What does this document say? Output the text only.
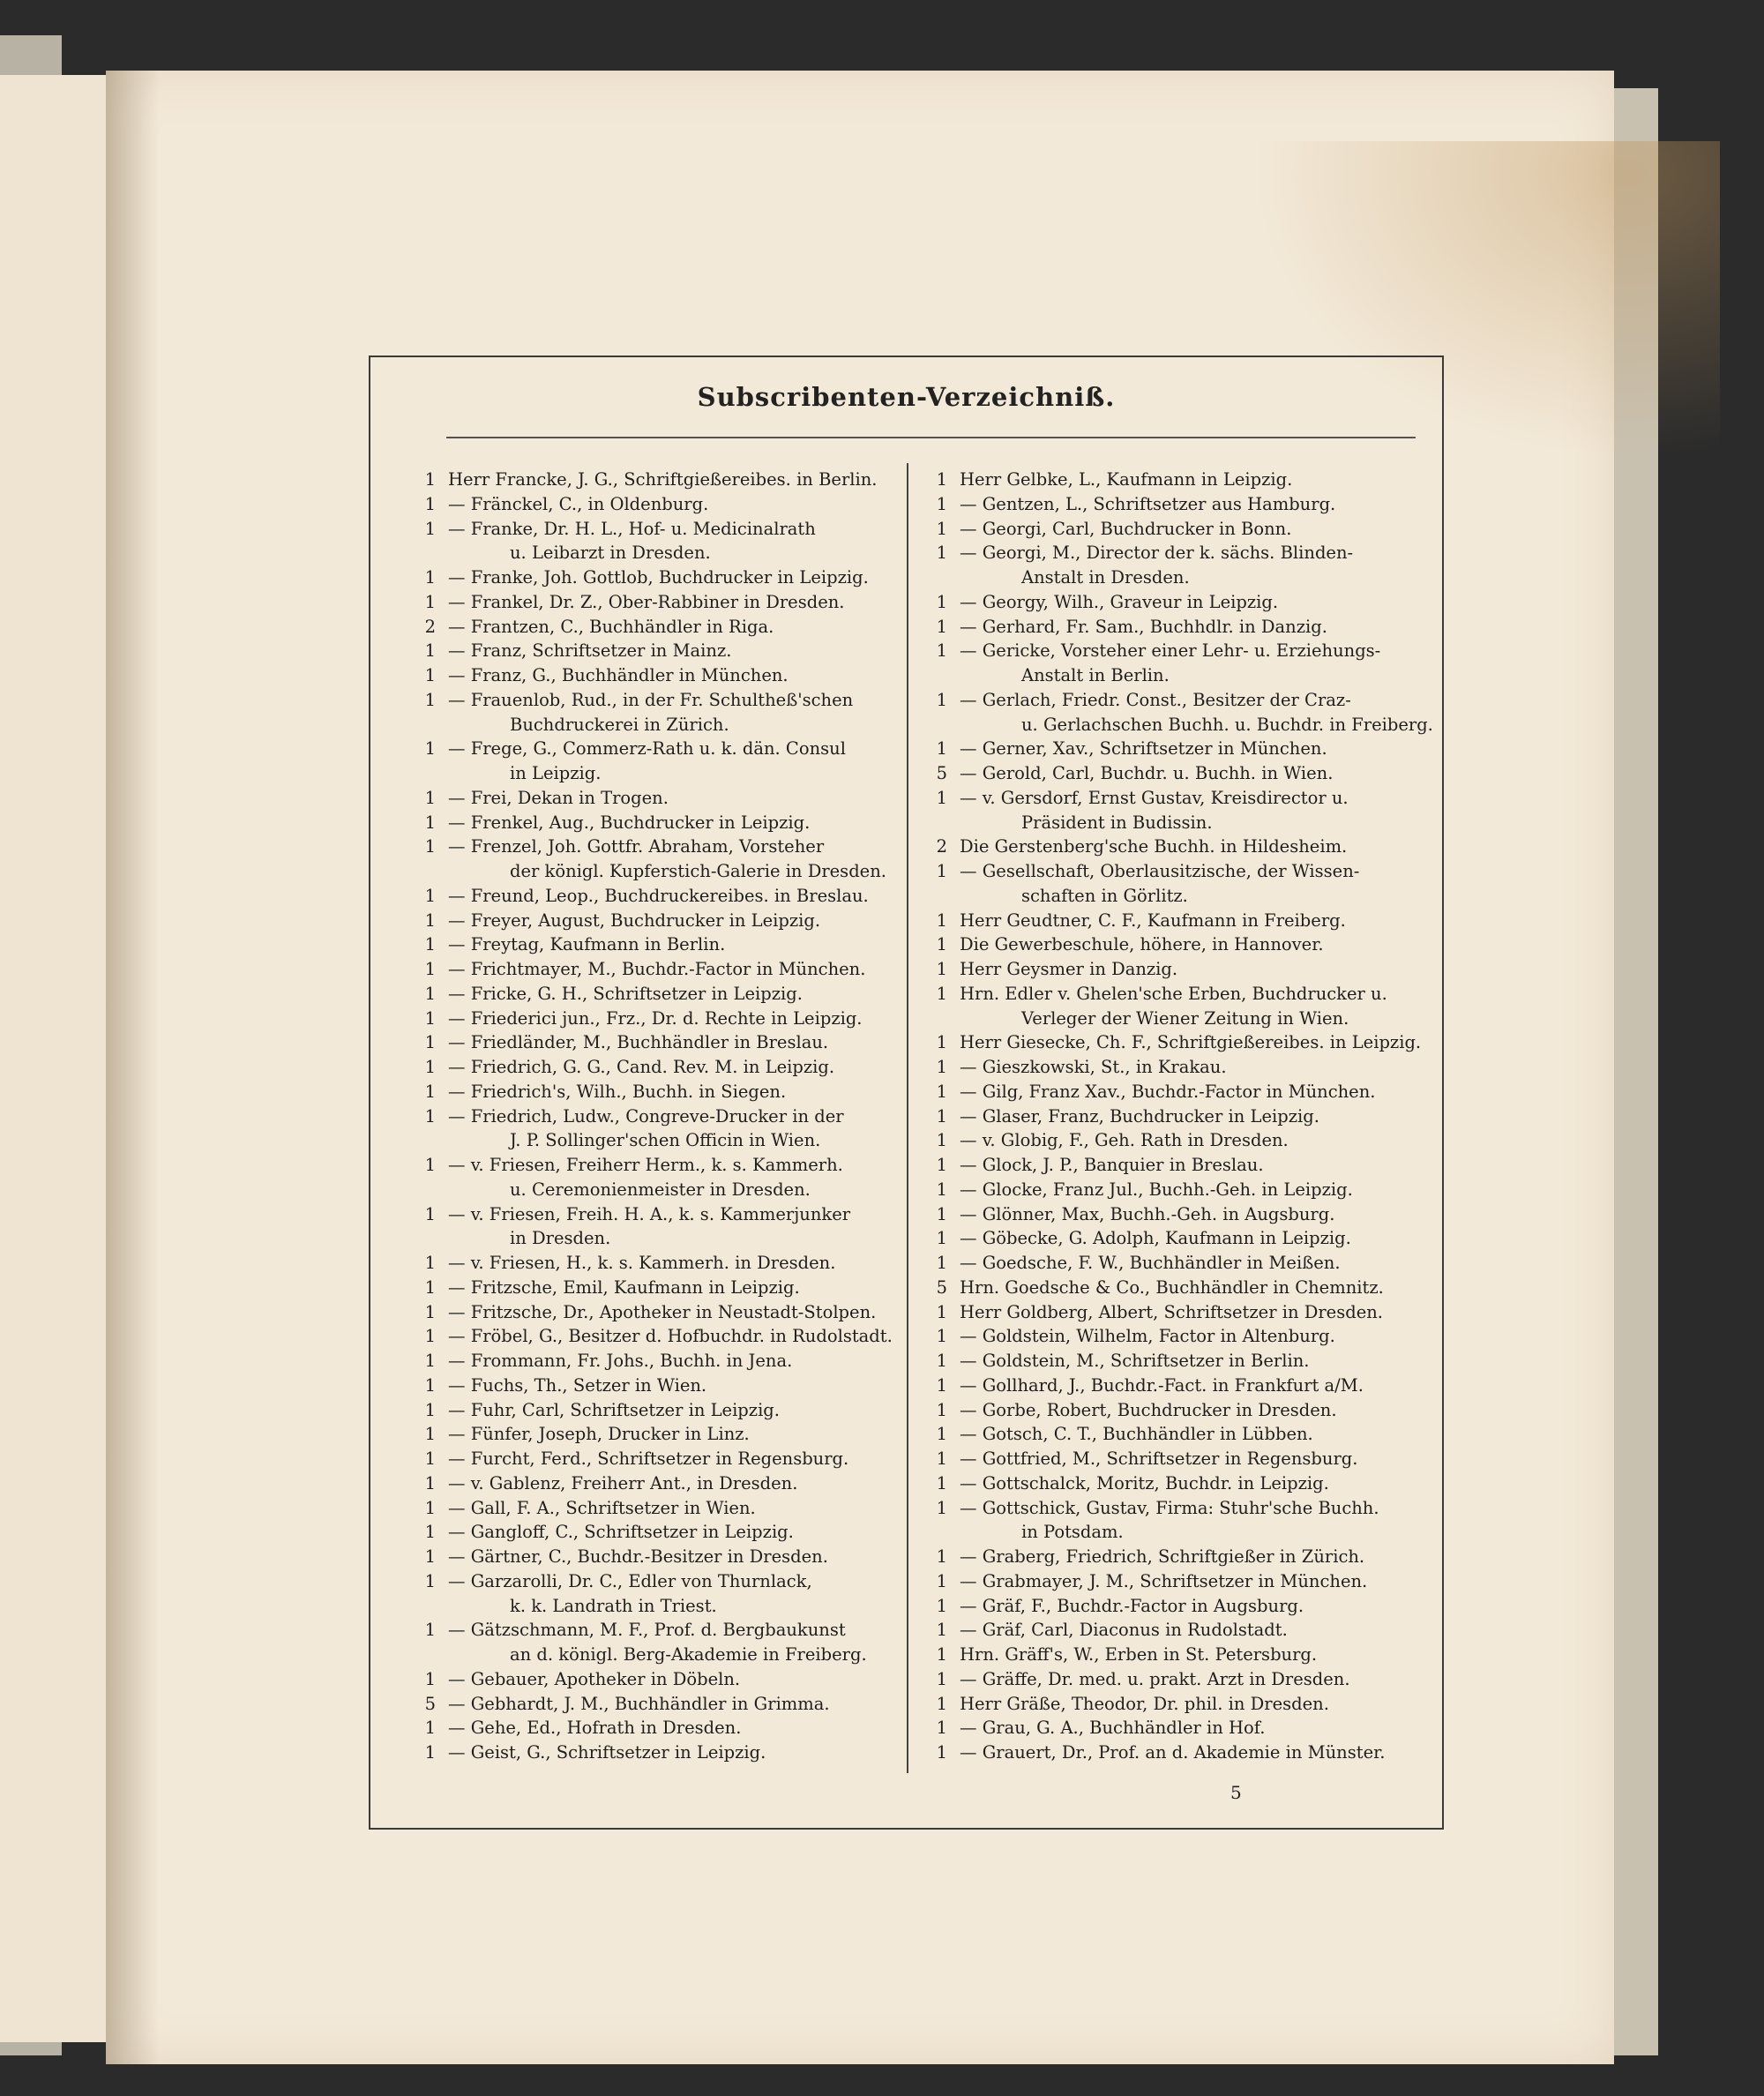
Subscribenten-Verzeichniß.
1 Herr Francke, J. G., Schriftgießereibes. in Berlin.
1 — Fränckel, C., in Oldenburg.
1 — Franke, Dr. H. L., Hof- u. Medicinalrath
u. Leibarzt in Dresden.
1 — Franke, Joh. Gottlob, Buchdrucker in Leipzig.
1 — Frankel, Dr. Z., Ober-Rabbiner in Dresden.
2 — Frantzen, C., Buchhändler in Riga.
1 — Franz, Schriftsetzer in Mainz.
1 — Franz, G., Buchhändler in München.
1 — Frauenlob, Rud., in der Fr. Schultheß'schen
Buchdruckerei in Zürich.
1 — Frege, G., Commerz-Rath u. k. dän. Consul
in Leipzig.
1 — Frei, Dekan in Trogen.
1 — Frenkel, Aug., Buchdrucker in Leipzig.
1 — Frenzel, Joh. Gottfr. Abraham, Vorsteher
der königl. Kupferstich-Galerie in Dresden.
1 — Freund, Leop., Buchdruckereibes. in Breslau.
1 — Freyer, August, Buchdrucker in Leipzig.
1 — Freytag, Kaufmann in Berlin.
1 — Frichtmayer, M., Buchdr.-Factor in München.
1 — Fricke, G. H., Schriftsetzer in Leipzig.
1 — Friederici jun., Frz., Dr. d. Rechte in Leipzig.
1 — Friedländer, M., Buchhändler in Breslau.
1 — Friedrich, G. G., Cand. Rev. M. in Leipzig.
1 — Friedrich's, Wilh., Buchh. in Siegen.
1 — Friedrich, Ludw., Congreve-Drucker in der
J. P. Sollinger'schen Officin in Wien.
1 — v. Friesen, Freiherr Herm., k. s. Kammerh.
u. Ceremonienmeister in Dresden.
1 — v. Friesen, Freih. H. A., k. s. Kammerjunker
in Dresden.
1 — v. Friesen, H., k. s. Kammerh. in Dresden.
1 — Fritzsche, Emil, Kaufmann in Leipzig.
1 — Fritzsche, Dr., Apotheker in Neustadt-Stolpen.
1 — Fröbel, G., Besitzer d. Hofbuchdr. in Rudolstadt.
1 — Frommann, Fr. Johs., Buchh. in Jena.
1 — Fuchs, Th., Setzer in Wien.
1 — Fuhr, Carl, Schriftsetzer in Leipzig.
1 — Fünfer, Joseph, Drucker in Linz.
1 — Furcht, Ferd., Schriftsetzer in Regensburg.
1 — v. Gablenz, Freiherr Ant., in Dresden.
1 — Gall, F. A., Schriftsetzer in Wien.
1 — Gangloff, C., Schriftsetzer in Leipzig.
1 — Gärtner, C., Buchdr.-Besitzer in Dresden.
1 — Garzarolli, Dr. C., Edler von Thurnlack,
k. k. Landrath in Triest.
1 — Gätzschmann, M. F., Prof. d. Bergbaukunst
an d. königl. Berg-Akademie in Freiberg.
1 — Gebauer, Apotheker in Döbeln.
5 — Gebhardt, J. M., Buchhändler in Grimma.
1 — Gehe, Ed., Hofrath in Dresden.
1 — Geist, G., Schriftsetzer in Leipzig.
1 Herr Gelbke, L., Kaufmann in Leipzig.
1 — Gentzen, L., Schriftsetzer aus Hamburg.
1 — Georgi, Carl, Buchdrucker in Bonn.
1 — Georgi, M., Director der k. sächs. Blinden-
Anstalt in Dresden.
1 — Georgy, Wilh., Graveur in Leipzig.
1 — Gerhard, Fr. Sam., Buchhdlr. in Danzig.
1 — Gericke, Vorsteher einer Lehr- u. Erziehungs-
Anstalt in Berlin.
1 — Gerlach, Friedr. Const., Besitzer der Craz-
u. Gerlachschen Buchh. u. Buchdr. in Freiberg.
1 — Gerner, Xav., Schriftsetzer in München.
5 — Gerold, Carl, Buchdr. u. Buchh. in Wien.
1 — v. Gersdorf, Ernst Gustav, Kreisdirector u.
Präsident in Budissin.
2 Die Gerstenberg'sche Buchh. in Hildesheim.
1 — Gesellschaft, Oberlausitzische, der Wissen-
schaften in Görlitz.
1 Herr Geudtner, C. F., Kaufmann in Freiberg.
1 Die Gewerbeschule, höhere, in Hannover.
1 Herr Geysmer in Danzig.
1 Hrn. Edler v. Ghelen'sche Erben, Buchdrucker u.
Verleger der Wiener Zeitung in Wien.
1 Herr Giesecke, Ch. F., Schriftgießereibes. in Leipzig.
1 — Gieszkowski, St., in Krakau.
1 — Gilg, Franz Xav., Buchdr.-Factor in München.
1 — Glaser, Franz, Buchdrucker in Leipzig.
1 — v. Globig, F., Geh. Rath in Dresden.
1 — Glock, J. P., Banquier in Breslau.
1 — Glocke, Franz Jul., Buchh.-Geh. in Leipzig.
1 — Glönner, Max, Buchh.-Geh. in Augsburg.
1 — Göbecke, G. Adolph, Kaufmann in Leipzig.
1 — Goedsche, F. W., Buchhändler in Meißen.
5 Hrn. Goedsche & Co., Buchhändler in Chemnitz.
1 Herr Goldberg, Albert, Schriftsetzer in Dresden.
1 — Goldstein, Wilhelm, Factor in Altenburg.
1 — Goldstein, M., Schriftsetzer in Berlin.
1 — Gollhard, J., Buchdr.-Fact. in Frankfurt a/M.
1 — Gorbe, Robert, Buchdrucker in Dresden.
1 — Gotsch, C. T., Buchhändler in Lübben.
1 — Gottfried, M., Schriftsetzer in Regensburg.
1 — Gottschalck, Moritz, Buchdr. in Leipzig.
1 — Gottschick, Gustav, Firma: Stuhr'sche Buchh.
in Potsdam.
1 — Graberg, Friedrich, Schriftgießer in Zürich.
1 — Grabmayer, J. M., Schriftsetzer in München.
1 — Gräf, F., Buchdr.-Factor in Augsburg.
1 — Gräf, Carl, Diaconus in Rudolstadt.
1 Hrn. Gräff's, W., Erben in St. Petersburg.
1 — Gräffe, Dr. med. u. prakt. Arzt in Dresden.
1 Herr Gräße, Theodor, Dr. phil. in Dresden.
1 — Grau, G. A., Buchhändler in Hof.
1 — Grauert, Dr., Prof. an d. Akademie in Münster.
5
